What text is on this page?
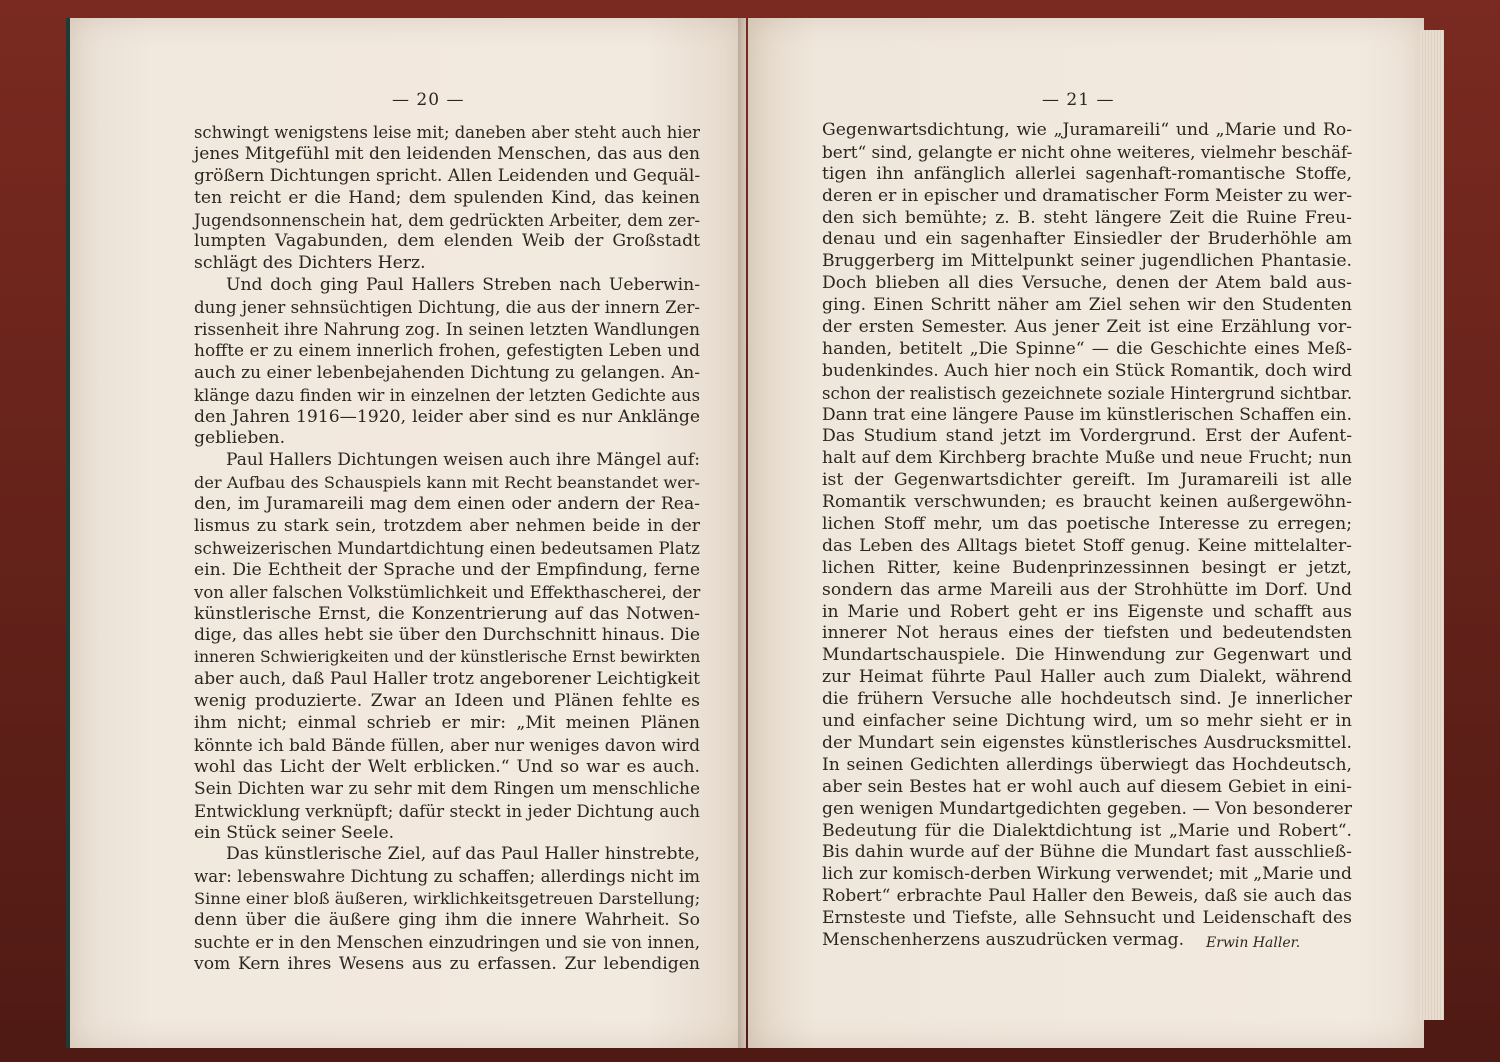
— 20 —
schwingt wenigstens leise mit; daneben aber steht auch hier
jenes Mitgefühl mit den leidenden Menschen, das aus den
größern Dichtungen spricht. Allen Leidenden und Gequäl-
ten reicht er die Hand; dem spulenden Kind, das keinen
Jugendsonnenschein hat, dem gedrückten Arbeiter, dem zer-
lumpten Vagabunden, dem elenden Weib der Großstadt
schlägt des Dichters Herz.
Und doch ging Paul Hallers Streben nach Ueberwin-
dung jener sehnsüchtigen Dichtung, die aus der innern Zer-
rissenheit ihre Nahrung zog. In seinen letzten Wandlungen
hoffte er zu einem innerlich frohen, gefestigten Leben und
auch zu einer lebenbejahenden Dichtung zu gelangen. An-
klänge dazu finden wir in einzelnen der letzten Gedichte aus
den Jahren 1916—1920, leider aber sind es nur Anklänge
geblieben.
Paul Hallers Dichtungen weisen auch ihre Mängel auf:
der Aufbau des Schauspiels kann mit Recht beanstandet wer-
den, im Juramareili mag dem einen oder andern der Rea-
lismus zu stark sein, trotzdem aber nehmen beide in der
schweizerischen Mundartdichtung einen bedeutsamen Platz
ein. Die Echtheit der Sprache und der Empfindung, ferne
von aller falschen Volkstümlichkeit und Effekthascherei, der
künstlerische Ernst, die Konzentrierung auf das Notwen-
dige, das alles hebt sie über den Durchschnitt hinaus. Die
inneren Schwierigkeiten und der künstlerische Ernst bewirkten
aber auch, daß Paul Haller trotz angeborener Leichtigkeit
wenig produzierte. Zwar an Ideen und Plänen fehlte es
ihm nicht; einmal schrieb er mir: „Mit meinen Plänen
könnte ich bald Bände füllen, aber nur weniges davon wird
wohl das Licht der Welt erblicken.“ Und so war es auch.
Sein Dichten war zu sehr mit dem Ringen um menschliche
Entwicklung verknüpft; dafür steckt in jeder Dichtung auch
ein Stück seiner Seele.
Das künstlerische Ziel, auf das Paul Haller hinstrebte,
war: lebenswahre Dichtung zu schaffen; allerdings nicht im
Sinne einer bloß äußeren, wirklichkeitsgetreuen Darstellung;
denn über die äußere ging ihm die innere Wahrheit. So
suchte er in den Menschen einzudringen und sie von innen,
vom Kern ihres Wesens aus zu erfassen. Zur lebendigen
— 21 —
Gegenwartsdichtung, wie „Juramareili“ und „Marie und Ro-
bert“ sind, gelangte er nicht ohne weiteres, vielmehr beschäf-
tigen ihn anfänglich allerlei sagenhaft-romantische Stoffe,
deren er in epischer und dramatischer Form Meister zu wer-
den sich bemühte; z. B. steht längere Zeit die Ruine Freu-
denau und ein sagenhafter Einsiedler der Bruderhöhle am
Bruggerberg im Mittelpunkt seiner jugendlichen Phantasie.
Doch blieben all dies Versuche, denen der Atem bald aus-
ging. Einen Schritt näher am Ziel sehen wir den Studenten
der ersten Semester. Aus jener Zeit ist eine Erzählung vor-
handen, betitelt „Die Spinne“ — die Geschichte eines Meß-
budenkindes. Auch hier noch ein Stück Romantik, doch wird
schon der realistisch gezeichnete soziale Hintergrund sichtbar.
Dann trat eine längere Pause im künstlerischen Schaffen ein.
Das Studium stand jetzt im Vordergrund. Erst der Aufent-
halt auf dem Kirchberg brachte Muße und neue Frucht; nun
ist der Gegenwartsdichter gereift. Im Juramareili ist alle
Romantik verschwunden; es braucht keinen außergewöhn-
lichen Stoff mehr, um das poetische Interesse zu erregen;
das Leben des Alltags bietet Stoff genug. Keine mittelalter-
lichen Ritter, keine Budenprinzessinnen besingt er jetzt,
sondern das arme Mareili aus der Strohhütte im Dorf. Und
in Marie und Robert geht er ins Eigenste und schafft aus
innerer Not heraus eines der tiefsten und bedeutendsten
Mundartschauspiele. Die Hinwendung zur Gegenwart und
zur Heimat führte Paul Haller auch zum Dialekt, während
die frühern Versuche alle hochdeutsch sind. Je innerlicher
und einfacher seine Dichtung wird, um so mehr sieht er in
der Mundart sein eigenstes künstlerisches Ausdrucksmittel.
In seinen Gedichten allerdings überwiegt das Hochdeutsch,
aber sein Bestes hat er wohl auch auf diesem Gebiet in eini-
gen wenigen Mundartgedichten gegeben. — Von besonderer
Bedeutung für die Dialektdichtung ist „Marie und Robert“.
Bis dahin wurde auf der Bühne die Mundart fast ausschließ-
lich zur komisch-derben Wirkung verwendet; mit „Marie und
Robert“ erbrachte Paul Haller den Beweis, daß sie auch das
Ernsteste und Tiefste, alle Sehnsucht und Leidenschaft des
Menschenherzens auszudrücken vermag.	Erwin Haller.
